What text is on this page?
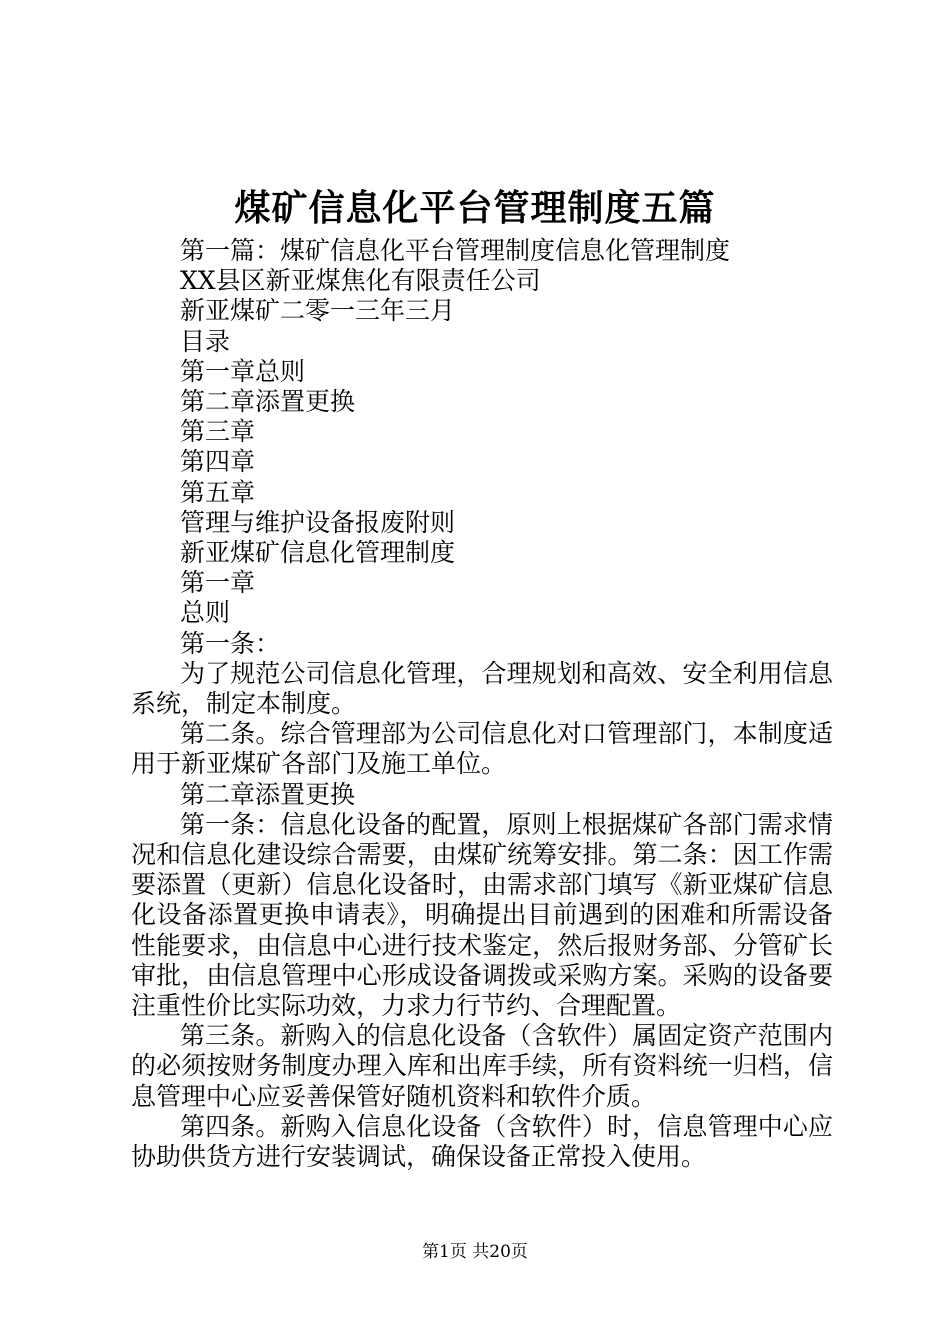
煤矿信息化平台管理制度五篇

第一篇：煤矿信息化平台管理制度信息化管理制度

XX县区新亚煤焦化有限责任公司

新亚煤矿二零一三年三月

目录

第一章总则

第二章添置更换

第三章

第四章

第五章

管理与维护设备报废附则

新亚煤矿信息化管理制度

第一章

总则

第一条：

为了规范公司信息化管理，合理规划和高效、安全利用信息系统，制定本制度。

第二条。综合管理部为公司信息化对口管理部门，本制度适用于新亚煤矿各部门及施工单位。

第二章添置更换

第一条：信息化设备的配置，原则上根据煤矿各部门需求情况和信息化建设综合需要，由煤矿统筹安排。第二条：因工作需要添置（更新）信息化设备时，由需求部门填写《新亚煤矿信息化设备添置更换申请表》，明确提出目前遇到的困难和所需设备性能要求，由信息中心进行技术鉴定，然后报财务部、分管矿长审批，由信息管理中心形成设备调拨或采购方案。采购的设备要注重性价比实际功效，力求力行节约、合理配置。

第三条。新购入的信息化设备（含软件）属固定资产范围内的必须按财务制度办理入库和出库手续，所有资料统一归档，信息管理中心应妥善保管好随机资料和软件介质。

第四条。新购入信息化设备（含软件）时，信息管理中心应协助供货方进行安装调试，确保设备正常投入使用。

第1页 共20页
